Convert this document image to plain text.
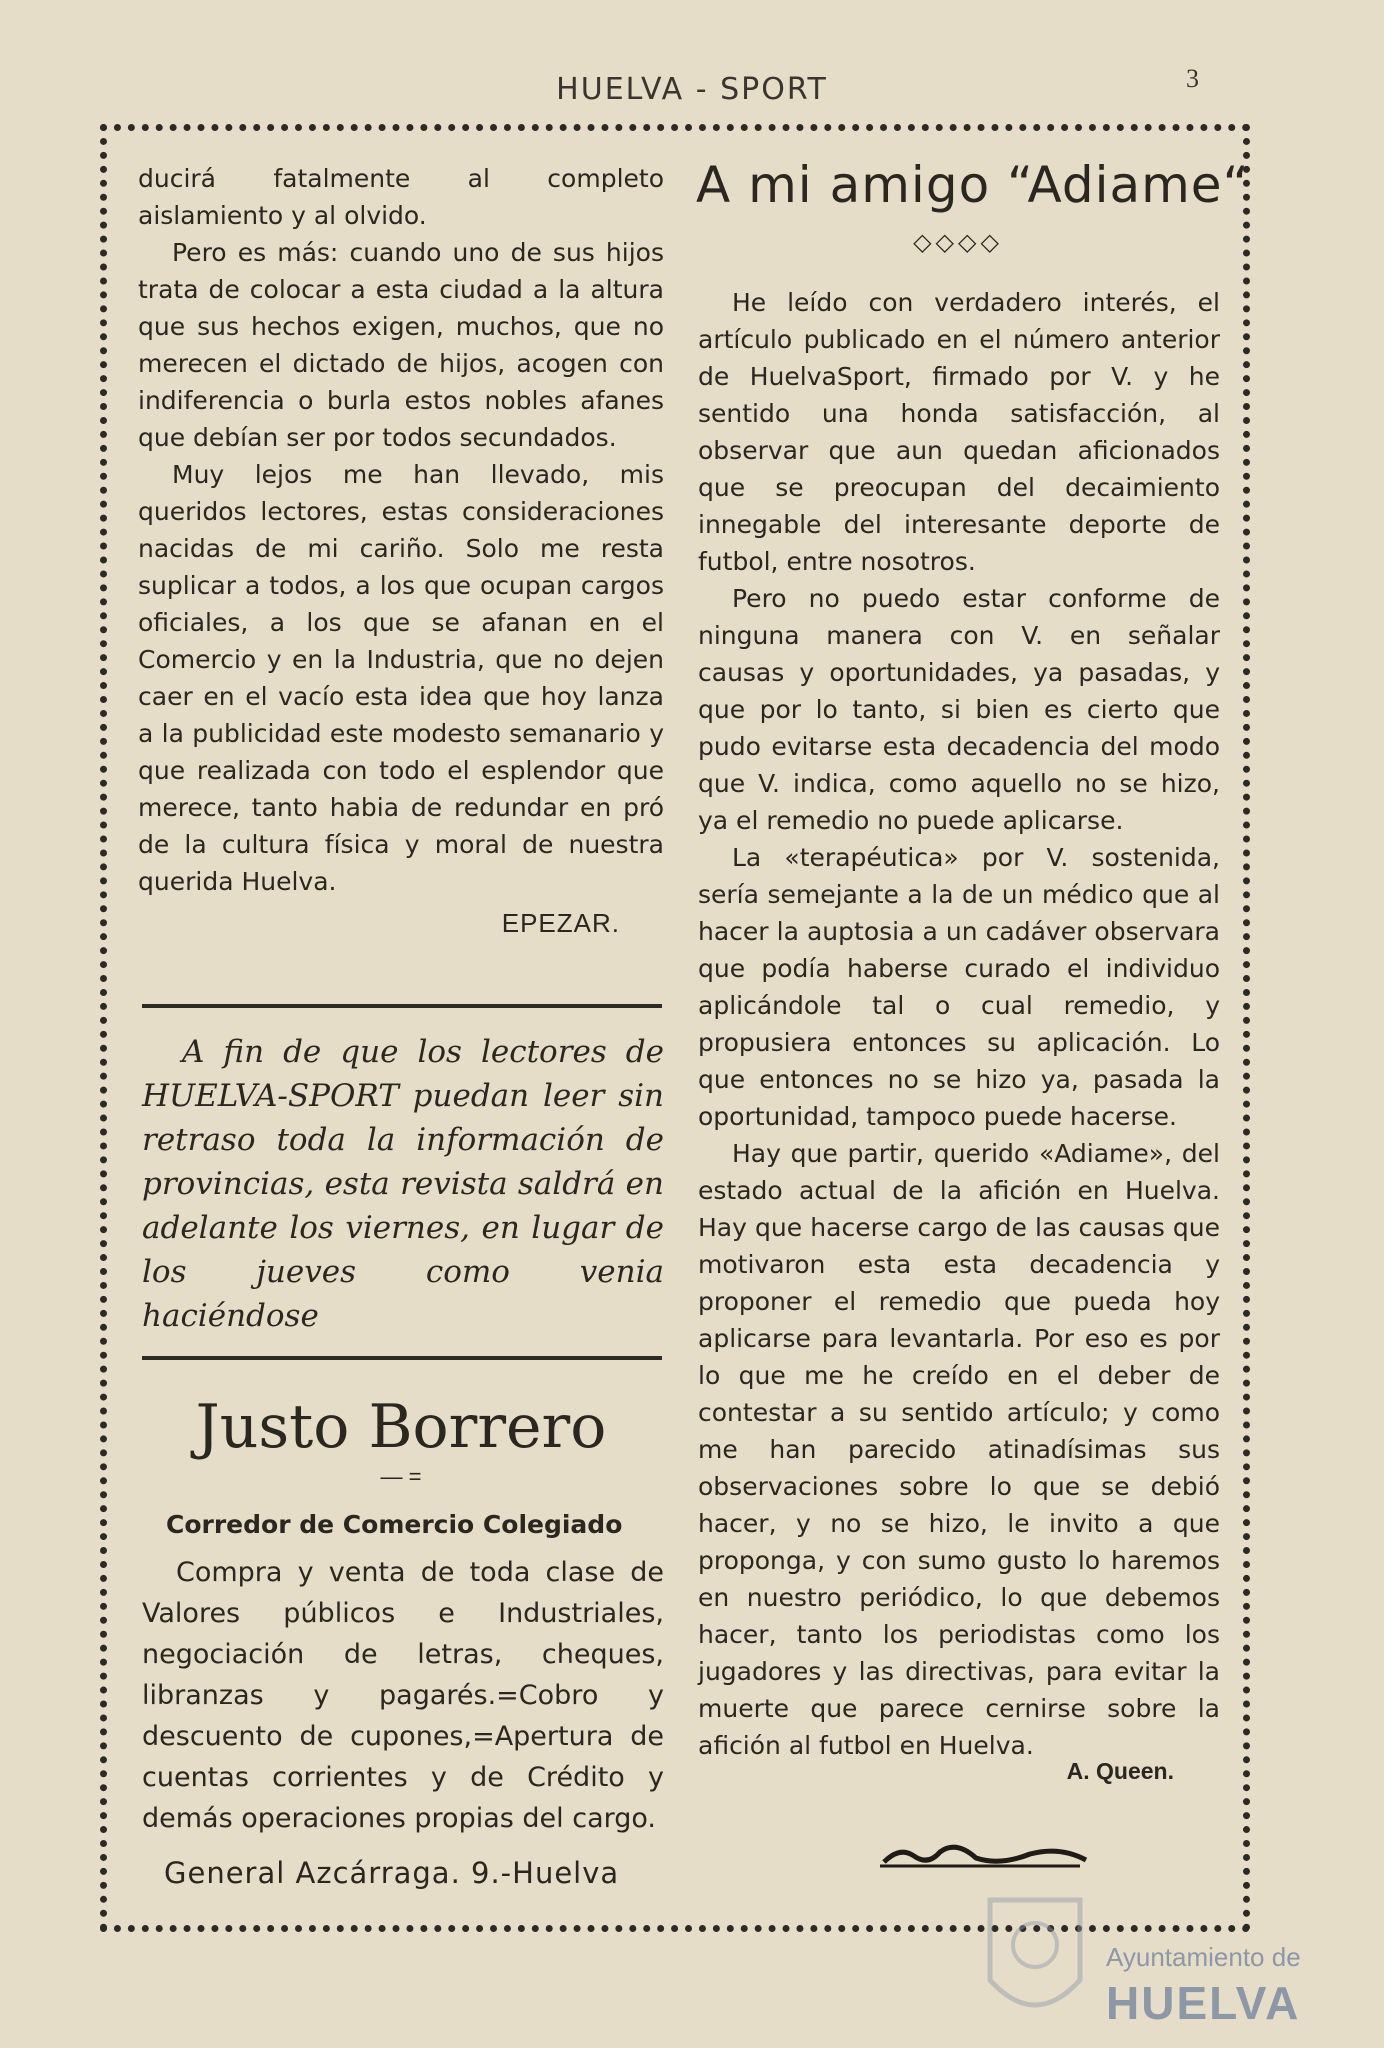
HUELVA - SPORT	3

ducirá fatalmente al completo aislamiento y al olvido.

Pero es más: cuando uno de sus hijos trata de colocar a esta ciudad a la altura que sus hechos exigen, muchos, que no merecen el dictado de hijos, acogen con indiferencia o burla estos nobles afanes que debían ser por todos secundados.

Muy lejos me han llevado, mis queridos lectores, estas consideraciones nacidas de mi cariño. Solo me resta suplicar a todos, a los que ocupan cargos oficiales, a los que se afanan en el Comercio y en la Industria, que no dejen caer en el vacío esta idea que hoy lanza a la publicidad este modesto semanario y que realizada con todo el esplendor que merece, tanto habia de redundar en pró de la cultura física y moral de nuestra querida Huelva.

EPEZAR.

A fin de que los lectores de HUELVA-SPORT puedan leer sin retraso toda la información de provincias, esta revista saldrá en adelante los viernes, en lugar de los jueves como venia haciéndose

Justo Borrero
— =
Corredor de Comercio Colegiado

Compra y venta de toda clase de Valores públicos e Industriales, negociación de letras, cheques, libranzas y pagarés.=Cobro y descuento de cupones,=Apertura de cuentas corrientes y de Crédito y demás operaciones propias del cargo.

General Azcárraga. 9.-Huelva
A mi amigo “Adiame“
◇◇◇◇

He leído con verdadero interés, el artículo publicado en el número anterior de HuelvaSport, firmado por V. y he sentido una honda satisfacción, al observar que aun quedan aficionados que se preocupan del decaimiento innegable del interesante deporte de futbol, entre nosotros.

Pero no puedo estar conforme de ninguna manera con V. en señalar causas y oportunidades, ya pasadas, y que por lo tanto, si bien es cierto que pudo evitarse esta decadencia del modo que V. indica, como aquello no se hizo, ya el remedio no puede aplicarse.

La «terapéutica» por V. sostenida, sería semejante a la de un médico que al hacer la auptosia a un cadáver observara que podía haberse curado el individuo aplicándole tal o cual remedio, y propusiera entonces su aplicación. Lo que entonces no se hizo ya, pasada la oportunidad, tampoco puede hacerse.

Hay que partir, querido «Adiame», del estado actual de la afición en Huelva. Hay que hacerse cargo de las causas que motivaron esta esta decadencia y proponer el remedio que pueda hoy aplicarse para levantarla. Por eso es por lo que me he creído en el deber de contestar a su sentido artículo; y como me han parecido atinadísimas sus observaciones sobre lo que se debió hacer, y no se hizo, le invito a que proponga, y con sumo gusto lo haremos en nuestro periódico, lo que debemos hacer, tanto los periodistas como los jugadores y las directivas, para evitar la muerte que parece cernirse sobre la afición al futbol en Huelva.

A. Queen.
Ayuntamiento de
HUELVA
